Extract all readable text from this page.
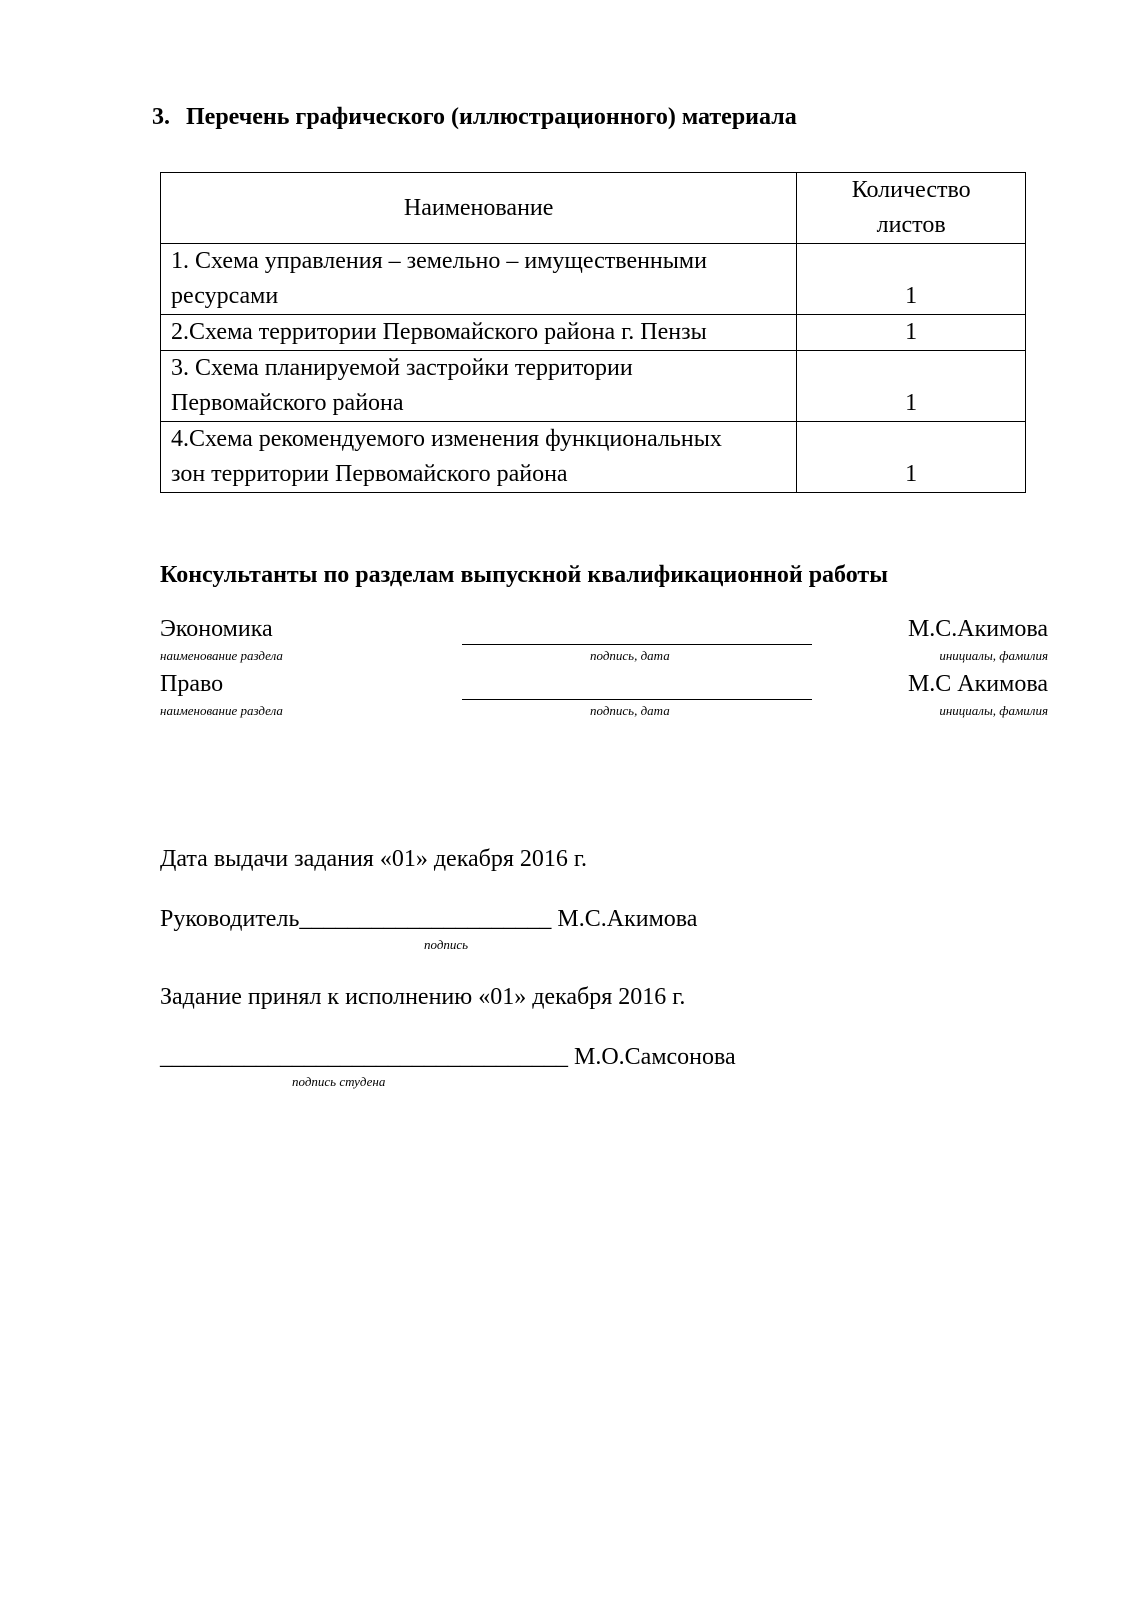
3. Перечень графического (иллюстрационного) материала
Наименование	Количество
листов

1. Схема управления – земельно – имущественными
ресурсами	1

2.Схема территории Первомайского района г. Пензы	1

3. Схема планируемой застройки территории
Первомайского района	1

4.Схема рекомендуемого изменения функциональных
зон территории Первомайского района	1
Консультанты по разделам выпускной квалификационной работы
Экономика	М.С.Акимова
наименование раздела	подпись, дата	инициалы, фамилия
Право	М.С Акимова
наименование раздела	подпись, дата	инициалы, фамилия
Дата выдачи задания «01» декабря 2016 г.
Руководитель_____________________ М.С.Акимова
подпись
Задание принял к исполнению «01» декабря 2016 г.
__________________________________ М.О.Самсонова
подпись студена
